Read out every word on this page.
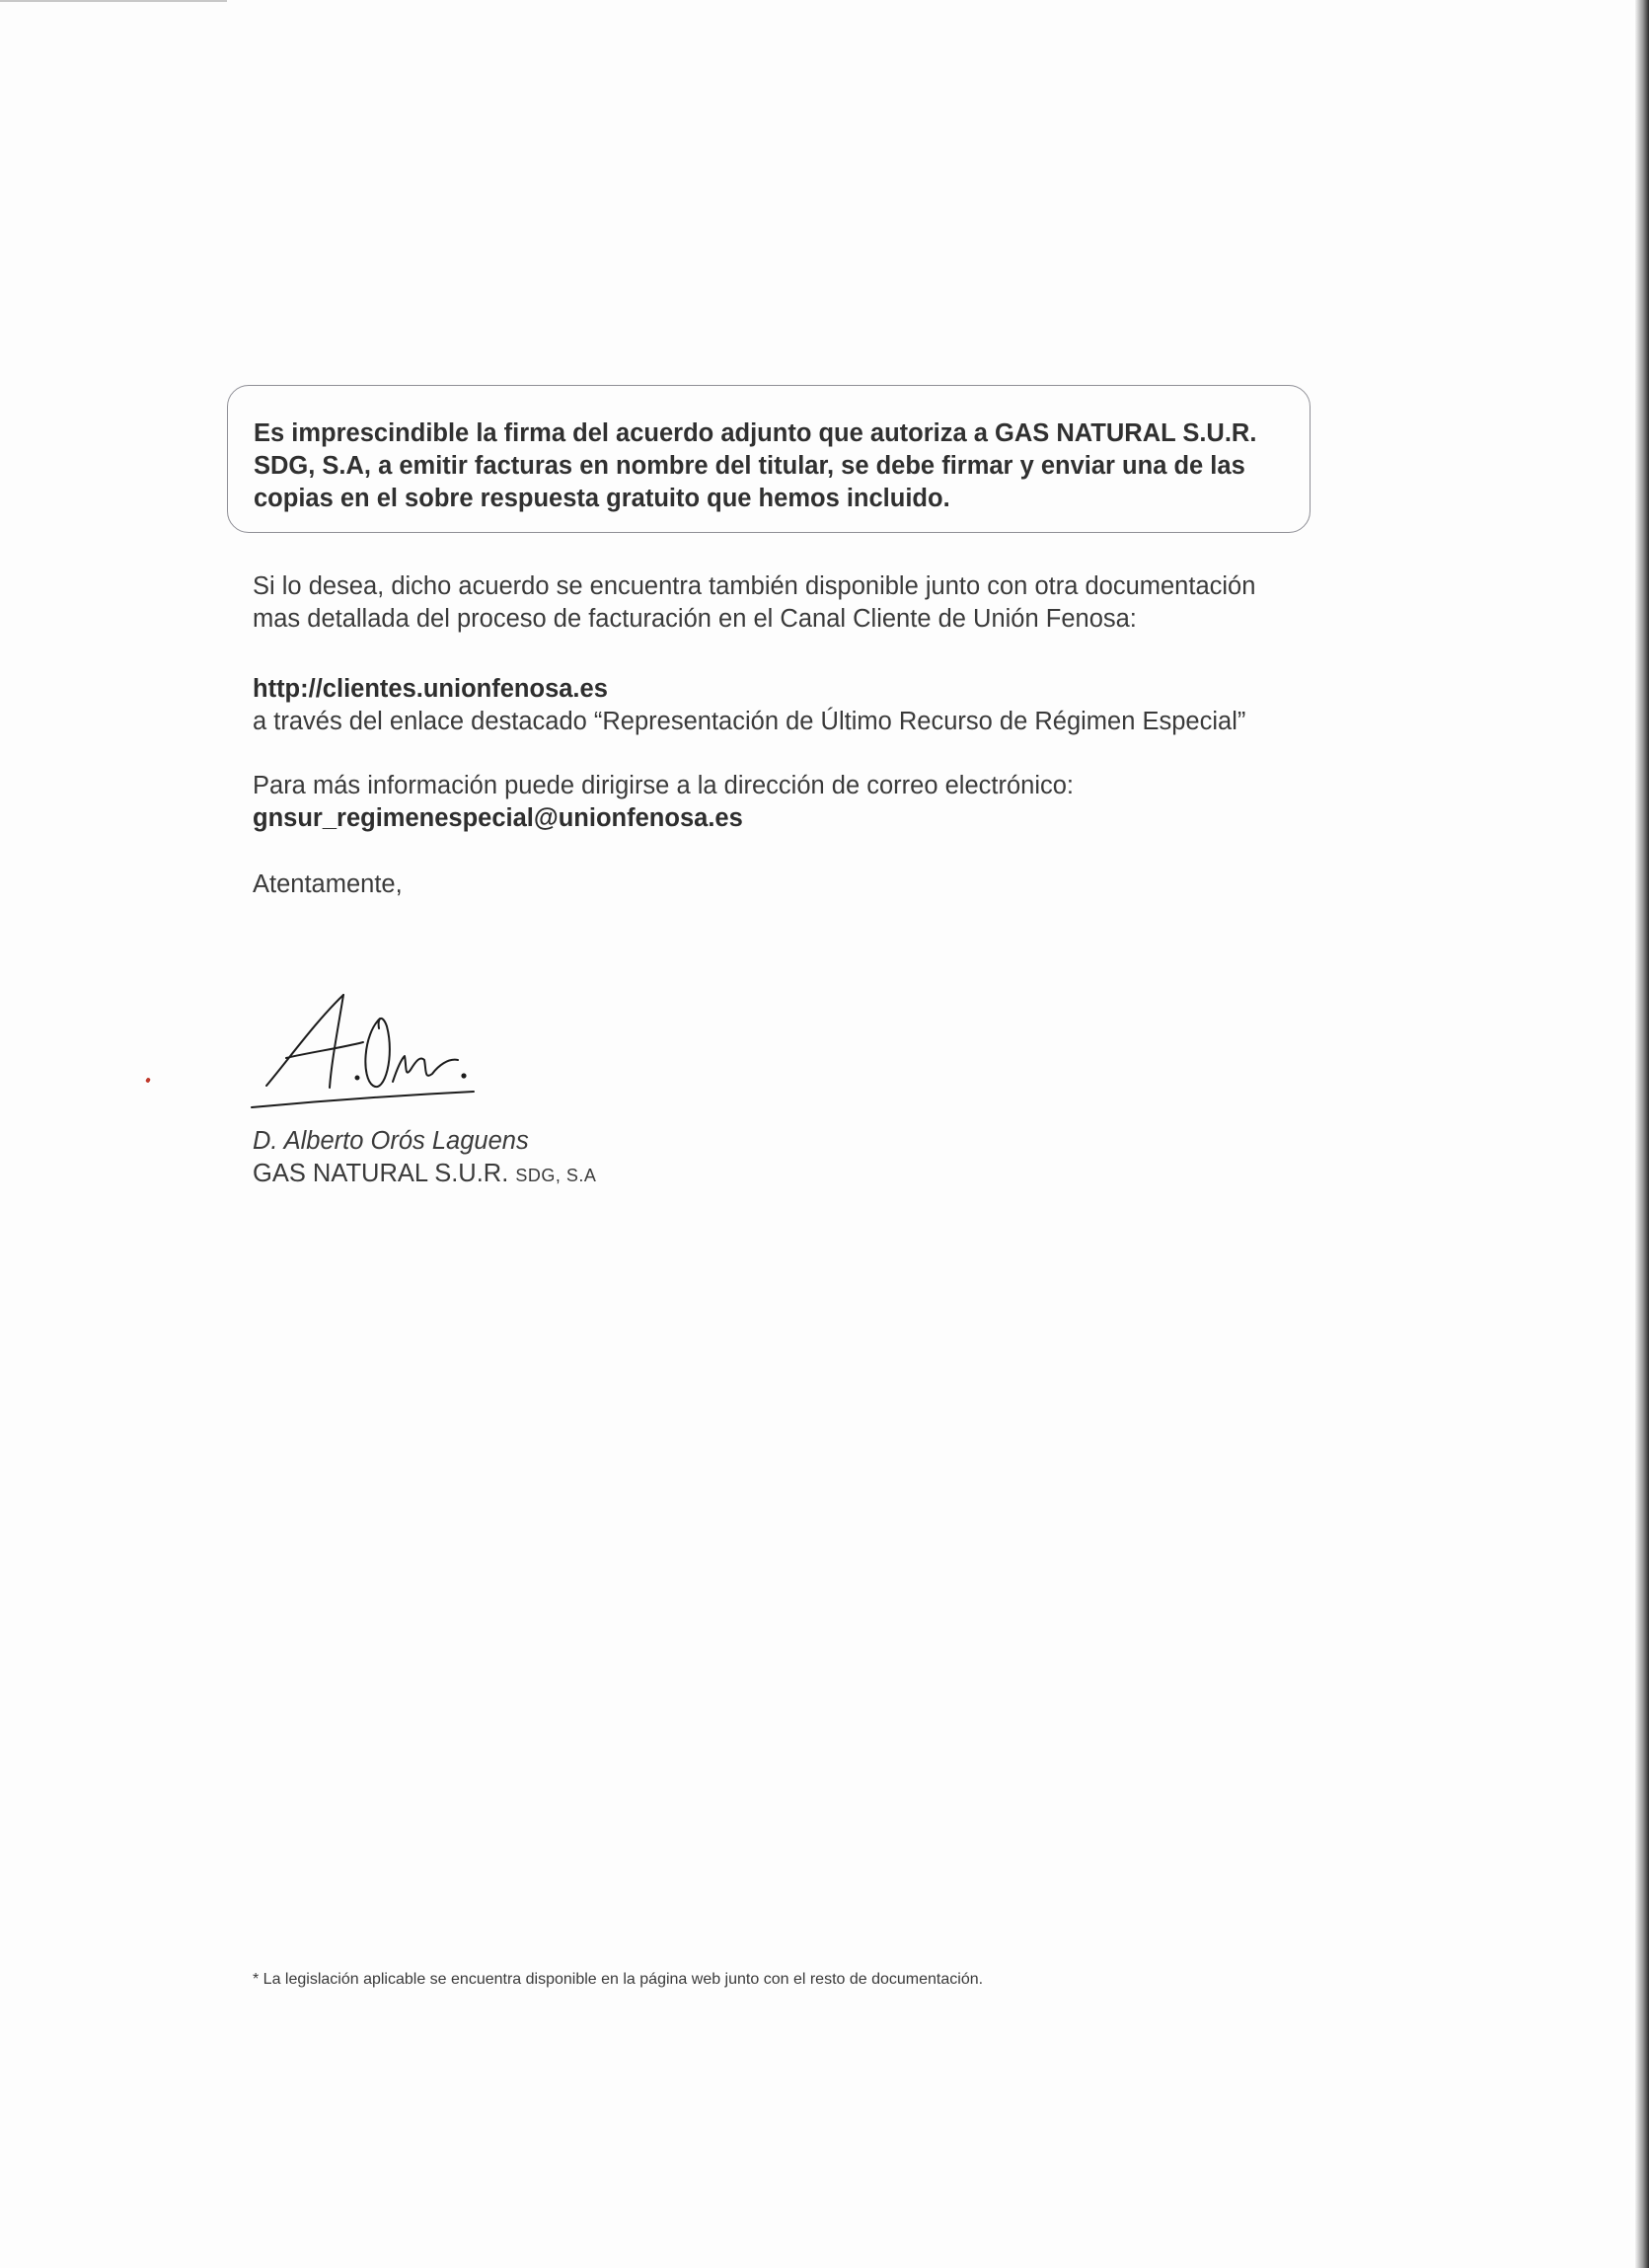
Es imprescindible la firma del acuerdo adjunto que autoriza a GAS NATURAL S.U.R.
SDG, S.A, a emitir facturas en nombre del titular, se debe firmar y enviar una de las
copias en el sobre respuesta gratuito que hemos incluido.

Si lo desea, dicho acuerdo se encuentra también disponible junto con otra documentación
mas detallada del proceso de facturación en el Canal Cliente de Unión Fenosa:

http://clientes.unionfenosa.es
a través del enlace destacado “Representación de Último Recurso de Régimen Especial”

Para más información puede dirigirse a la dirección de correo electrónico:
gnsur_regimenespecial@unionfenosa.es

Atentamente,

D. Alberto Orós Laguens

GAS NATURAL S.U.R. SDG, S.A

* La legislación aplicable se encuentra disponible en la página web junto con el resto de documentación.
